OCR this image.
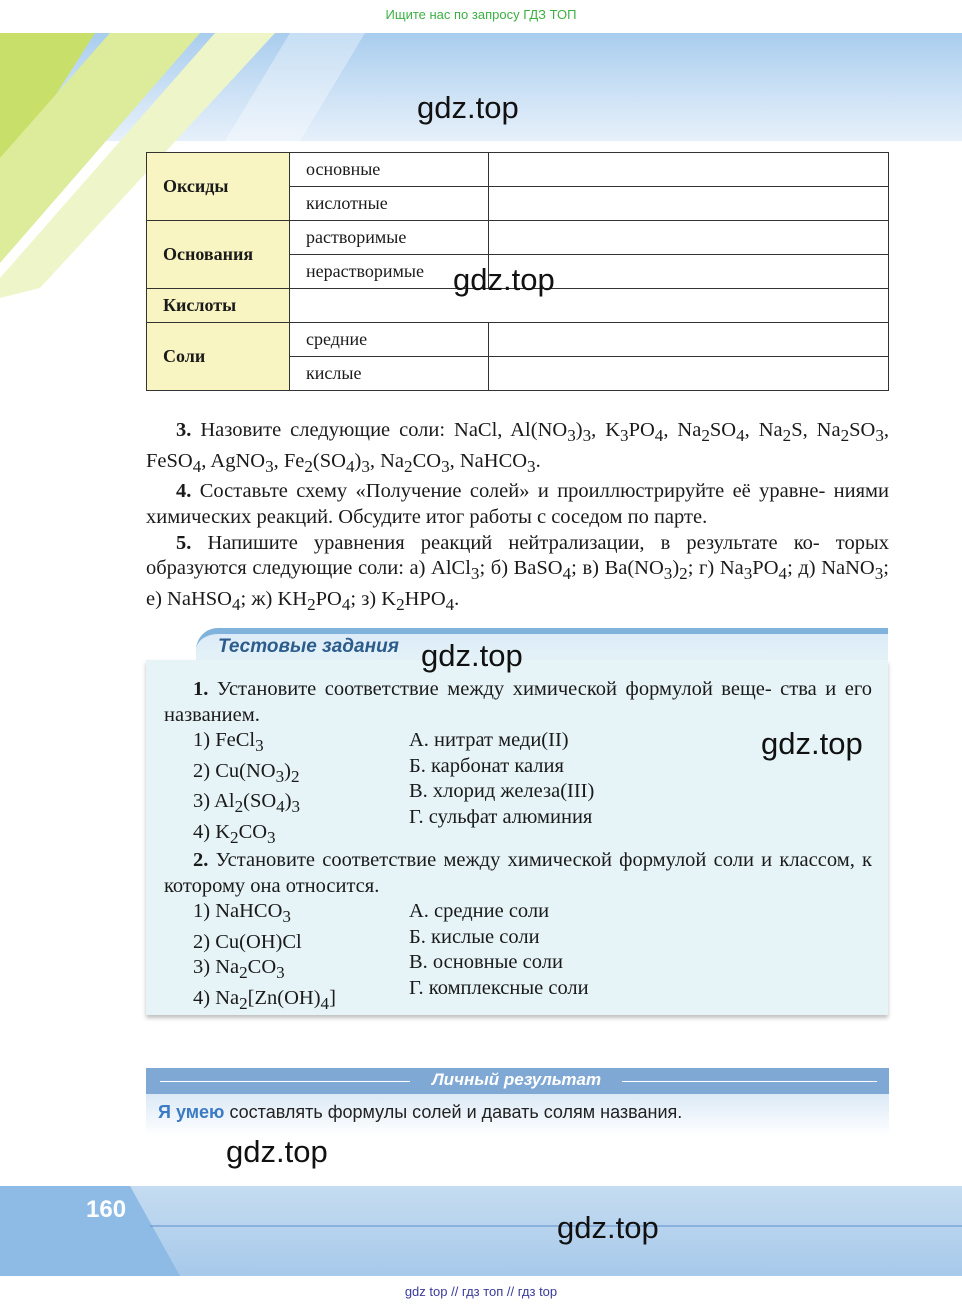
Ищите нас по запросу ГДЗ ТОП
gdz.top
Оксиды	основные	
	кислотные	
Основания	растворимые	
	нерастворимые	
Кислоты		
Соли	средние	
	кислые	
gdz.top

3. Назовите следующие соли: NaCl, $Al(NO_3)_3$, $K_3PO_4$, $Na_2SO_4$, $Na_2S$, $Na_2SO_3$, FeSO$_4$, AgNO$_3$, $Fe_2(SO_4)_3$, $Na_2CO_3$, NaHCO$_3$.

4. Составьте схему «Получение солей» и проиллюстрируйте её уравне- ниями химических реакций. Обсудите итог работы с соседом по парте.

5. Напишите уравнения реакций нейтрализации, в результате ко- торых образуются следующие соли: а) AlCl$_3$; б) BaSO$_4$; в) $Ba(NO_3)_2$; г) $Na_3PO_4$; д) NaNO$_3$; е) NaHSO$_4$; ж) $KH_2PO_4$; з) $K_2HPO_4$.

Тестовые задания gdz.top
gdz.top

1. Установите соответствие между химической формулой веще- ства и его названием.

1) FeCl$_3$
2) $Cu(NO_3)_2$
3) $Al_2(SO_4)_3$
4) $K_2CO_3$
А. нитрат меди(II)
Б. карбонат калия
В. хлорид железа(III)
Г. сульфат алюминия

2. Установите соответствие между химической формулой соли и классом, к которому она относится.

1) NaHCO$_3$
2) Cu(OH)Cl
3) $Na_2CO_3$
4) $Na_2[Zn(OH)_4]$
А. средние соли
Б. кислые соли
В. основные соли
Г. комплексные соли
Личный результат
Я умею составлять формулы солей и давать солям названия.
gdz.top
160
gdz.top
gdz top // гдз топ // гдз top
